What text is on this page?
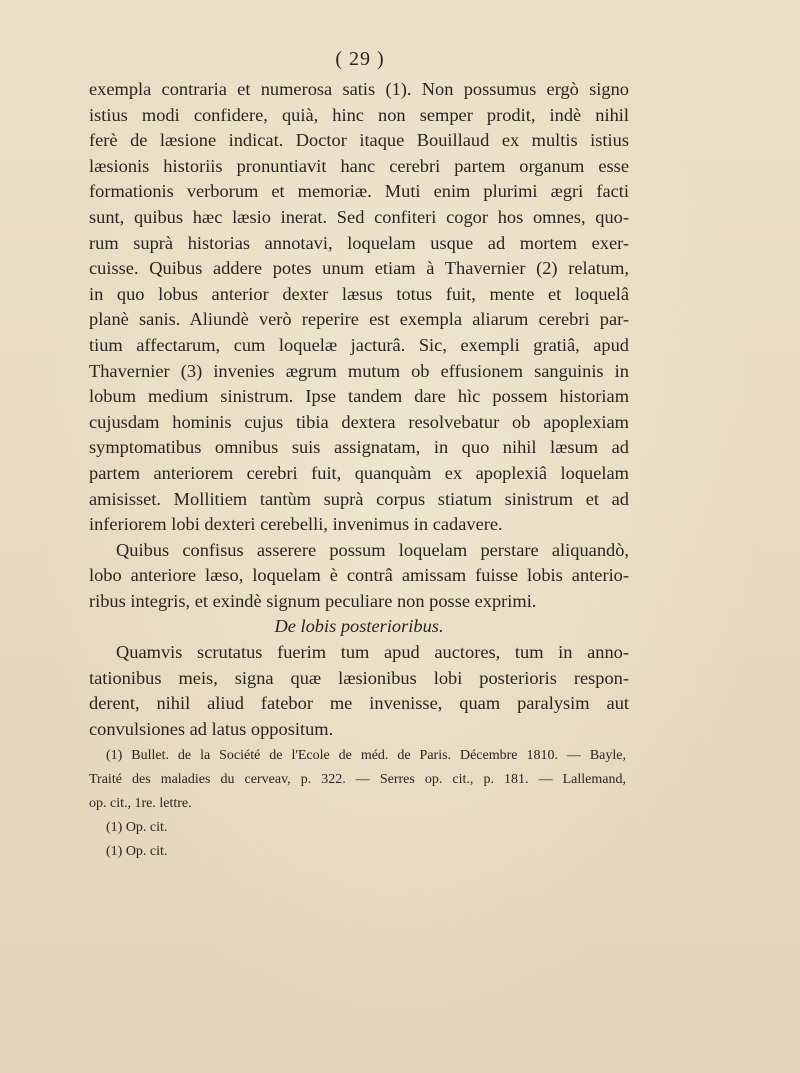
( 29 )
exempla contraria et numerosa satis (1). Non possumus ergò signo
istius modi confidere, quià, hinc non semper prodit, indè nihil
ferè de læsione indicat. Doctor itaque Bouillaud ex multis istius
læsionis historiis pronuntiavit hanc cerebri partem organum esse
formationis verborum et memoriæ. Muti enim plurimi ægri facti
sunt, quibus hæc læsio inerat. Sed confiteri cogor hos omnes, quo-
rum suprà historias annotavi, loquelam usque ad mortem exer-
cuisse. Quibus addere potes unum etiam à Thavernier (2) relatum,
in quo lobus anterior dexter læsus totus fuit, mente et loquelâ
planè sanis. Aliundè verò reperire est exempla aliarum cerebri par-
tium affectarum, cum loquelæ jacturâ. Sic, exempli gratiâ, apud
Thavernier (3) invenies ægrum mutum ob effusionem sanguinis in
lobum medium sinistrum. Ipse tandem dare hìc possem historiam
cujusdam hominis cujus tibia dextera resolvebatur ob apoplexiam
symptomatibus omnibus suis assignatam, in quo nihil læsum ad
partem anteriorem cerebri fuit, quanquàm ex apoplexiâ loquelam
amisisset. Mollitiem tantùm suprà corpus stiatum sinistrum et ad
inferiorem lobi dexteri cerebelli, invenimus in cadavere.
Quibus confisus asserere possum loquelam perstare aliquandò,
lobo anteriore læso, loquelam è contrâ amissam fuisse lobis anterio-
ribus integris, et exindè signum peculiare non posse exprimi.
De lobis posterioribus.
Quamvis scrutatus fuerim tum apud auctores, tum in anno-
tationibus meis, signa quæ læsionibus lobi posterioris respon-
derent, nihil aliud fatebor me invenisse, quam paralysim aut
convulsiones ad latus oppositum.
(1) Bullet. de la Société de l'Ecole de méd. de Paris. Décembre 1810. — Bayle,
Traité des maladies du cerveav, p. 322. — Serres op. cit., p. 181. — Lallemand,
op. cit., 1re. lettre.
(1) Op. cit.
(1) Op. cit.
